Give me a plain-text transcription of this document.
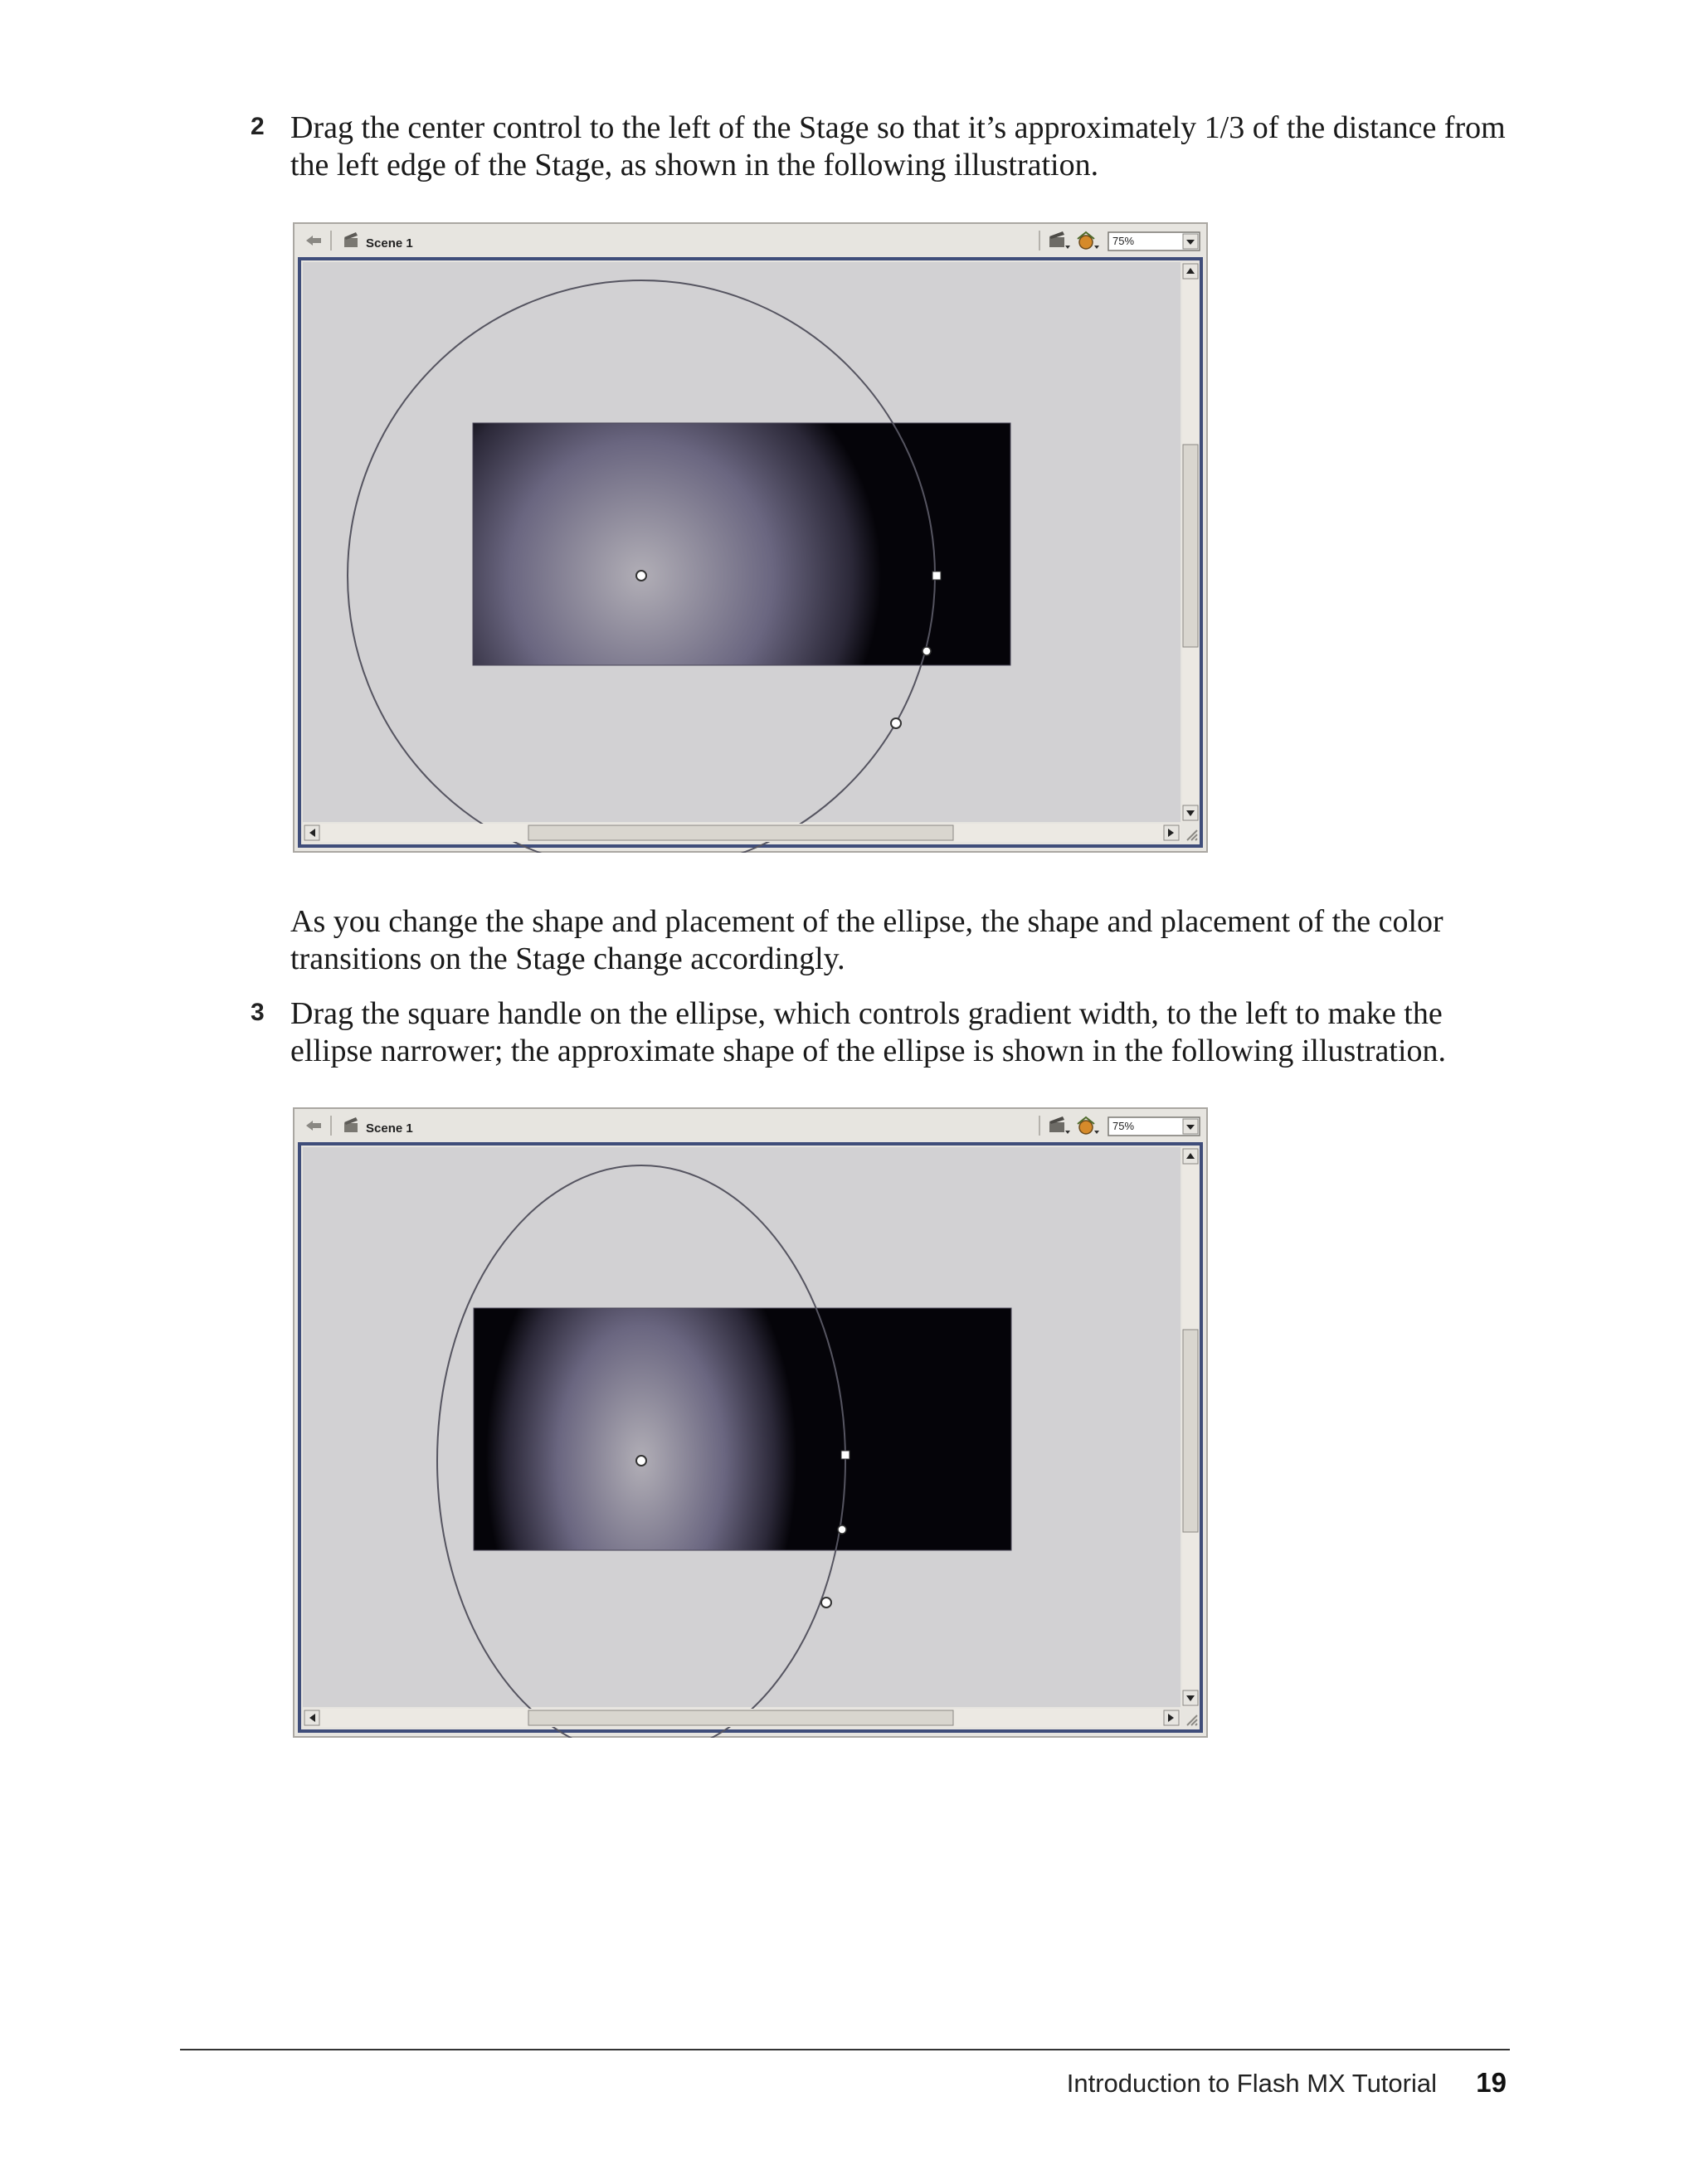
2 Drag the center control to the left of the Stage so that it’s approximately 1/3 of the distance from the left edge of the Stage, as shown in the following illustration.
Scene 1	75%
As you change the shape and placement of the ellipse, the shape and placement of the color transitions on the Stage change accordingly.
3 Drag the square handle on the ellipse, which controls gradient width, to the left to make the ellipse narrower; the approximate shape of the ellipse is shown in the following illustration.
Scene 1	75%
Introduction to Flash MX Tutorial 19
